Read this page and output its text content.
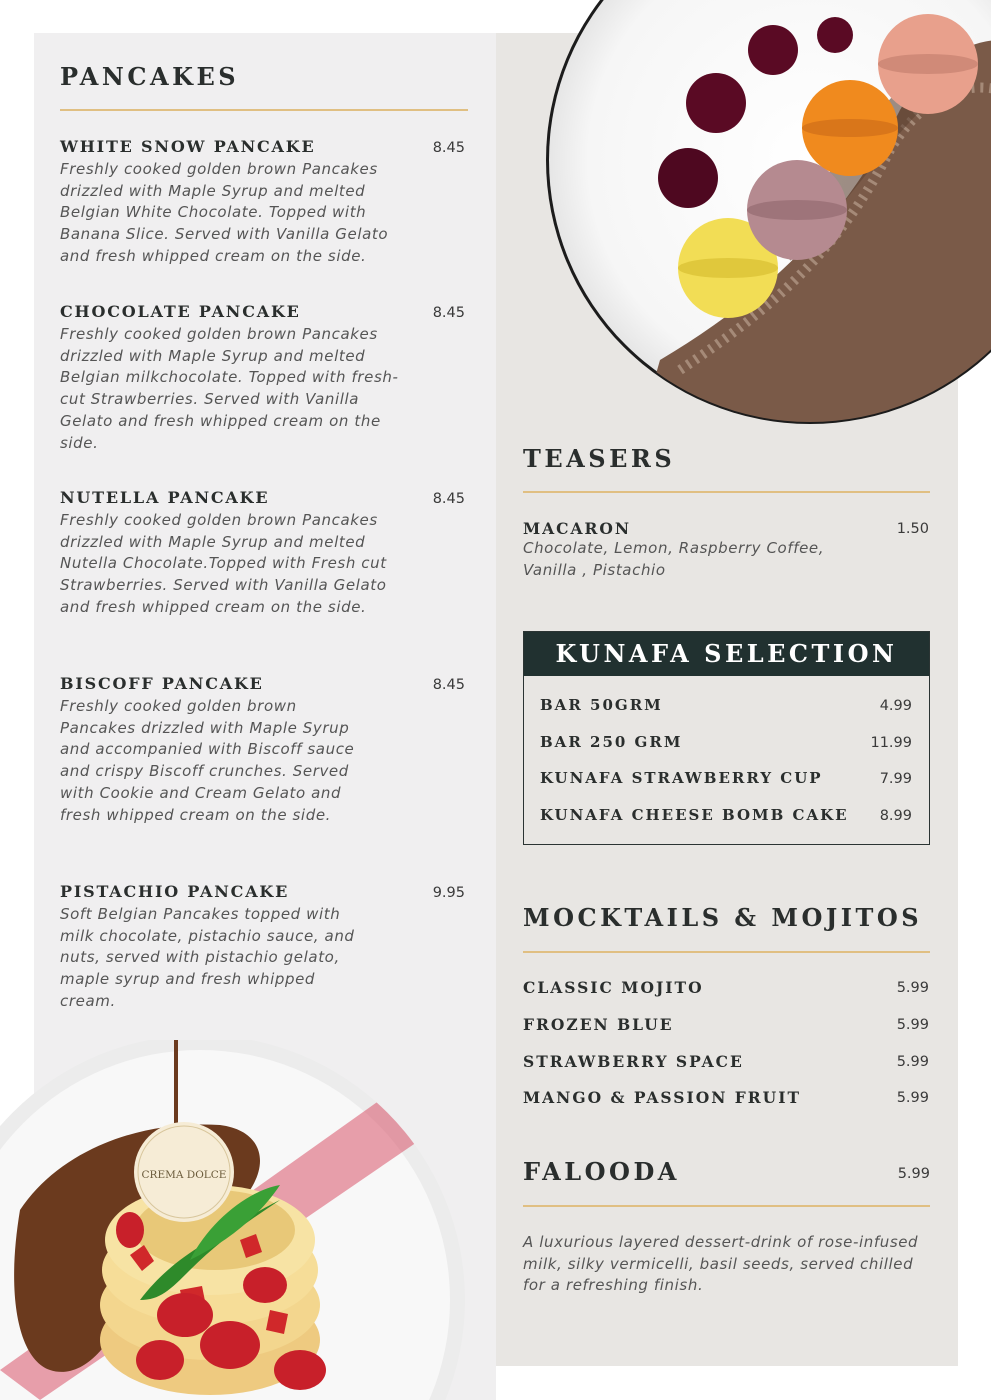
CREMA DOLCE
PANCAKES
WHITE SNOW PANCAKE	8.45
Freshly cooked golden brown Pancakes drizzled with Maple Syrup and melted Belgian White Chocolate. Topped with Banana Slice. Served with Vanilla Gelato and fresh whipped cream on the side.
CHOCOLATE PANCAKE	8.45
Freshly cooked golden brown Pancakes drizzled with Maple Syrup and melted Belgian milkchocolate. Topped with fresh-cut Strawberries. Served with Vanilla Gelato and fresh whipped cream on the side.
NUTELLA PANCAKE	8.45
Freshly cooked golden brown Pancakes drizzled with Maple Syrup and melted Nutella Chocolate.Topped with Fresh cut Strawberries. Served with Vanilla Gelato and fresh whipped cream on the side.
BISCOFF PANCAKE	8.45
Freshly cooked golden brown Pancakes drizzled with Maple Syrup and accompanied with Biscoff sauce and crispy Biscoff crunches. Served with Cookie and Cream Gelato and fresh whipped cream on the side.
PISTACHIO PANCAKE	9.95
Soft Belgian Pancakes topped with milk chocolate, pistachio sauce, and nuts, served with pistachio gelato, maple syrup and fresh whipped cream.
TEASERS
MACARON	1.50
Chocolate, Lemon, Raspberry Coffee, Vanilla , Pistachio
KUNAFA SELECTION
BAR 50GRM	4.99
BAR 250 GRM	11.99
KUNAFA STRAWBERRY CUP	7.99
KUNAFA CHEESE BOMB CAKE	8.99
MOCKTAILS & MOJITOS
CLASSIC MOJITO	5.99
FROZEN BLUE	5.99
STRAWBERRY SPACE	5.99
MANGO & PASSION FRUIT	5.99
FALOODA	5.99
A luxurious layered dessert-drink of rose-infused milk, silky vermicelli, basil seeds, served chilled for a refreshing finish.
